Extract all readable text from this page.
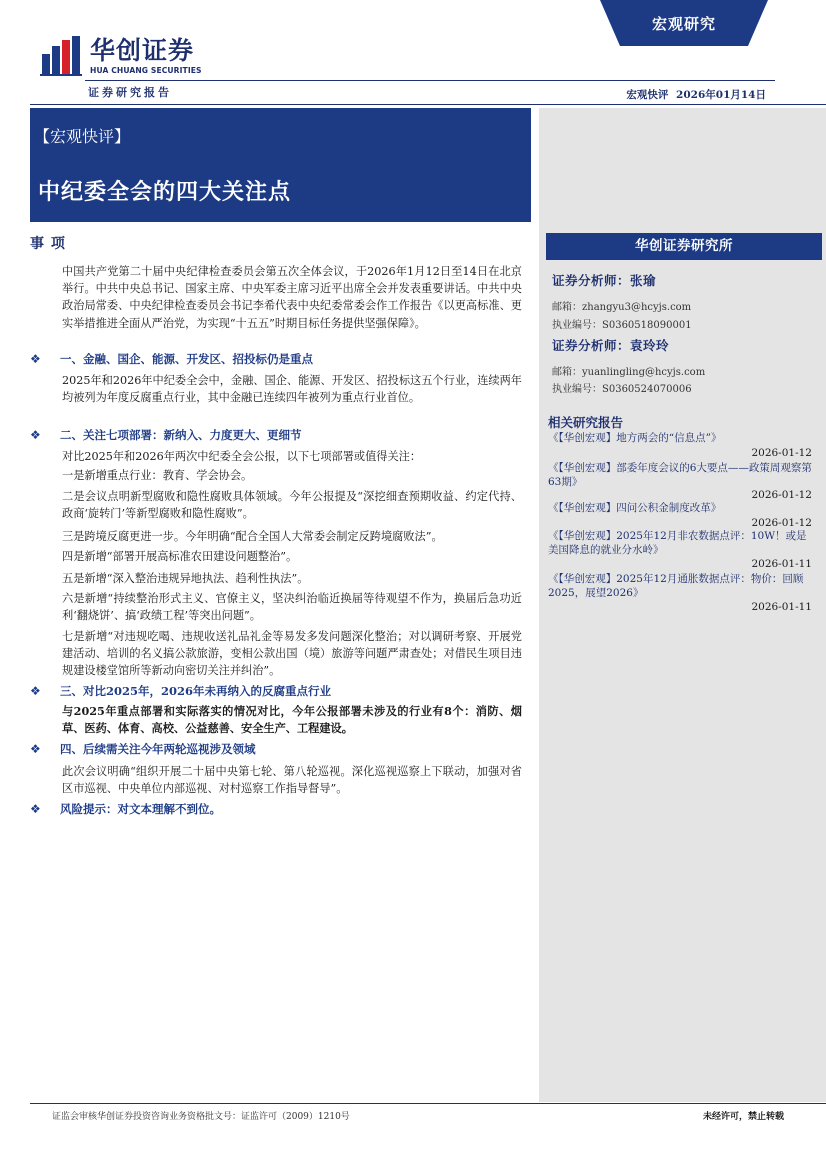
华创证券
HUA CHUANG SECURITIES
宏观研究
证券研究报告	宏观快评 2026年01月14日
【宏观快评】
中纪委全会的四大关注点
华创证券研究所
证券分析师：张瑜
邮箱：zhangyu3@hcyjs.com
执业编号：S0360518090001
证券分析师：袁玲玲
邮箱：yuanlingling@hcyjs.com
执业编号：S0360524070006
相关研究报告
《【华创宏观】地方两会的“信息点”》
2026-01-12
《【华创宏观】部委年度会议的6大要点——政策周观察第63期》
2026-01-12
《【华创宏观】四问公积金制度改革》
2026-01-12
《【华创宏观】2025年12月非农数据点评：10W！或是美国降息的就业分水岭》
2026-01-11
《【华创宏观】2025年12月通胀数据点评：物价：回顾2025，展望2026》
2026-01-11
事 项
中国共产党第二十届中央纪律检查委员会第五次全体会议，于2026年1月12日至14日在北京举行。中共中央总书记、国家主席、中央军委主席习近平出席全会并发表重要讲话。中共中央政治局常委、中央纪律检查委员会书记李希代表中央纪委常委会作工作报告《以更高标准、更实举措推进全面从严治党，为实现“十五五”时期目标任务提供坚强保障》。
❖	一、金融、国企、能源、开发区、招投标仍是重点
2025年和2026年中纪委全会中，金融、国企、能源、开发区、招投标这五个行业，连续两年均被列为年度反腐重点行业，其中金融已连续四年被列为重点行业首位。
❖	二、关注七项部署：新纳入、力度更大、更细节
对比2025年和2026年两次中纪委全会公报，以下七项部署或值得关注：
一是新增重点行业：教育、学会协会。
二是会议点明新型腐败和隐性腐败具体领域。今年公报提及“深挖细查预期收益、约定代持、政商‘旋转门’等新型腐败和隐性腐败”。
三是跨境反腐更进一步。今年明确“配合全国人大常委会制定反跨境腐败法”。
四是新增“部署开展高标准农田建设问题整治”。
五是新增“深入整治违规异地执法、趋利性执法”。
六是新增“持续整治形式主义、官僚主义，坚决纠治临近换届等待观望不作为，换届后急功近利‘翻烧饼’、搞‘政绩工程’等突出问题”。
七是新增“对违规吃喝、违规收送礼品礼金等易发多发问题深化整治；对以调研考察、开展党建活动、培训的名义搞公款旅游，变相公款出国（境）旅游等问题严肃查处；对借民生项目违规建设楼堂馆所等新动向密切关注并纠治”。
❖	三、对比2025年，2026年未再纳入的反腐重点行业
与2025年重点部署和实际落实的情况对比，今年公报部署未涉及的行业有8个：消防、烟草、医药、体育、高校、公益慈善、安全生产、工程建设。
❖	四、后续需关注今年两轮巡视涉及领域
此次会议明确“组织开展二十届中央第七轮、第八轮巡视。深化巡视巡察上下联动，加强对省区市巡视、中央单位内部巡视、对村巡察工作指导督导”。
❖	风险提示：对文本理解不到位。
证监会审核华创证券投资咨询业务资格批文号：证监许可（2009）1210号	未经许可，禁止转载
